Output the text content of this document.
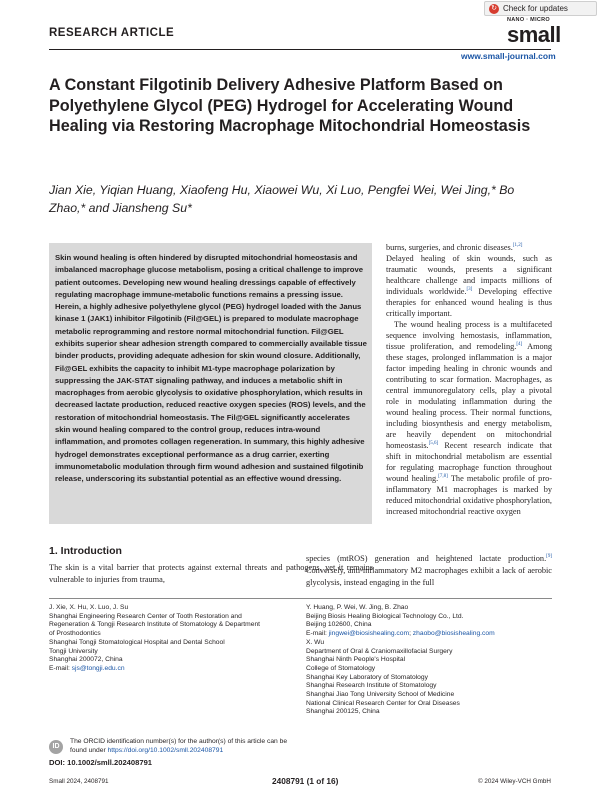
↻ Check for updates
RESEARCH ARTICLE
NANO · MICRO
small
www.small-journal.com
A Constant Filgotinib Delivery Adhesive Platform Based on Polyethylene Glycol (PEG) Hydrogel for Accelerating Wound Healing via Restoring Macrophage Mitochondrial Homeostasis
Jian Xie, Yiqian Huang, Xiaofeng Hu, Xiaowei Wu, Xi Luo, Pengfei Wei, Wei Jing,* Bo Zhao,* and Jiansheng Su*
Skin wound healing is often hindered by disrupted mitochondrial homeostasis and imbalanced macrophage glucose metabolism, posing a critical challenge to improve patient outcomes. Developing new wound healing dressings capable of effectively regulating macrophage immune-metabolic functions remains a pressing issue. Herein, a highly adhesive polyethylene glycol (PEG) hydrogel loaded with the Janus kinase 1 (JAK1) inhibitor Filgotinib (Fil@GEL) is prepared to modulate macrophage metabolic reprogramming and restore normal mitochondrial function. Fil@GEL exhibits superior shear adhesion strength compared to commercially available tissue binder products, providing adequate adhesion for skin wound closure. Additionally, Fil@GEL exhibits the capacity to inhibit M1-type macrophage polarization by suppressing the JAK-STAT signaling pathway, and induces a metabolic shift in macrophages from aerobic glycolysis to oxidative phosphorylation, which results in decreased lactate production, reduced reactive oxygen species (ROS) levels, and the restoration of mitochondrial homeostasis. The Fil@GEL significantly accelerates skin wound healing compared to the control group, reduces intra-wound inflammation, and promotes collagen regeneration. In summary, this highly adhesive hydrogel demonstrates exceptional performance as a drug carrier, exerting immunometabolic modulation through firm wound adhesion and sustained filgotinib release, underscoring its substantial potential as an effective wound dressing.

burns, surgeries, and chronic diseases.[1,2]

Delayed healing of skin wounds, such as traumatic wounds, presents a significant healthcare challenge and impacts millions of individuals worldwide.[3] Developing effective therapies for enhanced wound healing is thus critically important.

The wound healing process is a multifaceted sequence involving hemostasis, inflammation, tissue proliferation, and remodeling.[4] Among these stages, prolonged inflammation is a major factor impeding healing in chronic wounds and contributing to scar formation. Macrophages, as central immunoregulatory cells, play a pivotal role in modulating inflammation during the wound healing process. Their normal functions, including biosynthesis and energy metabolism, are heavily dependent on mitochondrial homeostasis.[5,6] Recent research indicate that shift in mitochondrial metabolism are essential for regulating macrophage function throughout wound healing.[7,8] The metabolic profile of pro-inflammatory M1 macrophages is marked by reduced mitochondrial oxidative phosphorylation, increased mitochondrial reactive oxygen

1. Introduction
The skin is a vital barrier that protects against external threats and pathogens, yet it remains vulnerable to injuries from trauma,
species (mtROS) generation and heightened lactate production.[9] Conversely, anti-inflammatory M2 macrophages exhibit a lack of aerobic glycolysis, instead engaging in the full
J. Xie, X. Hu, X. Luo, J. Su
Shanghai Engineering Research Center of Tooth Restoration and
Regeneration & Tongji Research Institute of Stomatology & Department
of Prosthodontics
Shanghai Tongji Stomatological Hospital and Dental School
Tongji University
Shanghai 200072, China
E-mail: sjs@tongji.edu.cn
Y. Huang, P. Wei, W. Jing, B. Zhao
Beijing Biosis Healing Biological Technology Co., Ltd.
Beijing 102600, China
E-mail: jingwei@biosishealing.com; zhaobo@biosishealing.com
X. Wu
Department of Oral & Craniomaxillofacial Surgery
Shanghai Ninth People's Hospital
College of Stomatology
Shanghai Key Laboratory of Stomatology
Shanghai Research Institute of Stomatology
Shanghai Jiao Tong University School of Medicine
National Clinical Research Center for Oral Diseases
Shanghai 200125, China
ID
The ORCID identification number(s) for the author(s) of this article can be found under https://doi.org/10.1002/smll.202408791
DOI: 10.1002/smll.202408791
Small 2024, 2408791	2408791 (1 of 16)	© 2024 Wiley-VCH GmbH
